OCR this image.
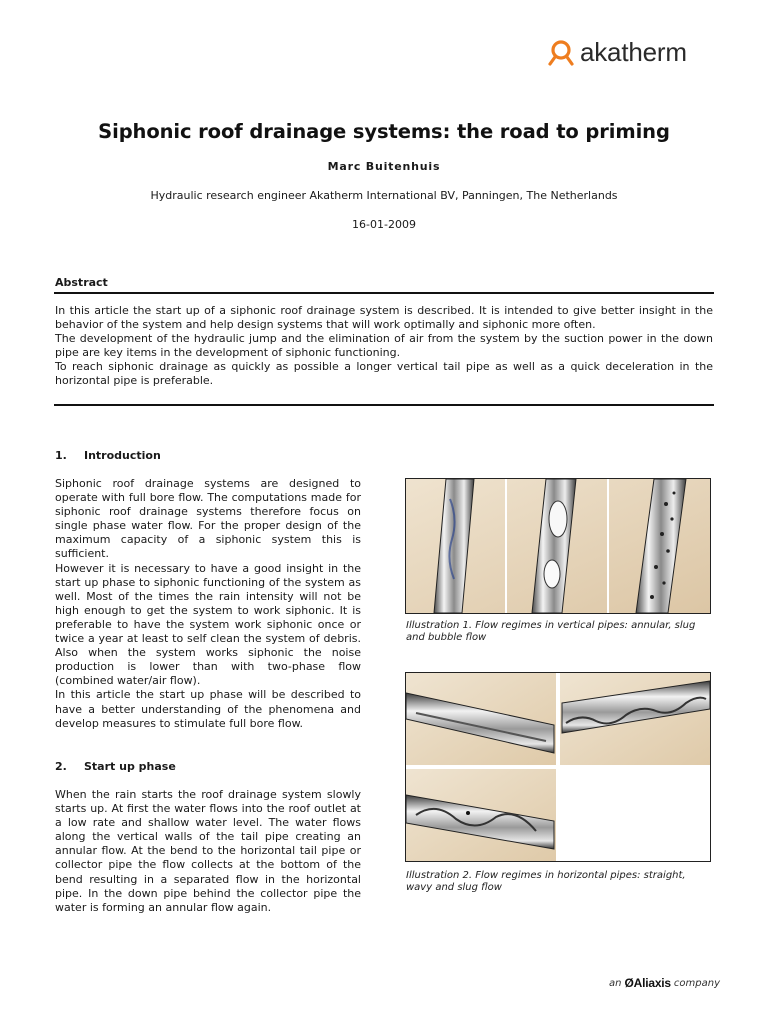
akatherm
Siphonic roof drainage systems: the road to priming
Marc Buitenhuis
Hydraulic research engineer Akatherm International BV, Panningen, The Netherlands
16-01-2009
Abstract

In this article the start up of a siphonic roof drainage system is described. It is intended to give better insight in the behavior of the system and help design systems that will work optimally and siphonic more often.

The development of the hydraulic jump and the elimination of air from the system by the suction power in the down pipe are key items in the development of siphonic functioning.

To reach siphonic drainage as quickly as possible a longer vertical tail pipe as well as a quick deceleration in the horizontal pipe is preferable.

1. Introduction

Siphonic roof drainage systems are designed to operate with full bore flow. The computations made for siphonic roof drainage systems therefore focus on single phase water flow. For the proper design of the maximum capacity of a siphonic system this is sufficient.

However it is necessary to have a good insight in the start up phase to siphonic functioning of the system as well. Most of the times the rain intensity will not be high enough to get the system to work siphonic. It is preferable to have the system work siphonic once or twice a year at least to self clean the system of debris. Also when the system works siphonic the noise production is lower than with two-phase flow (combined water/air flow).

In this article the start up phase will be described to have a better understanding of the phenomena and develop measures to stimulate full bore flow.

2. Start up phase

When the rain starts the roof drainage system slowly starts up. At first the water flows into the roof outlet at a low rate and shallow water level. The water flows along the vertical walls of the tail pipe creating an annular flow. At the bend to the horizontal tail pipe or collector pipe the flow collects at the bottom of the bend resulting in a separated flow in the horizontal pipe. In the down pipe behind the collector pipe the water is forming an annular flow again.

Illustration 1. Flow regimes in vertical pipes: annular, slug and bubble flow
Illustration 2. Flow regimes in horizontal pipes: straight, wavy and slug flow
an ØAliaxis company
